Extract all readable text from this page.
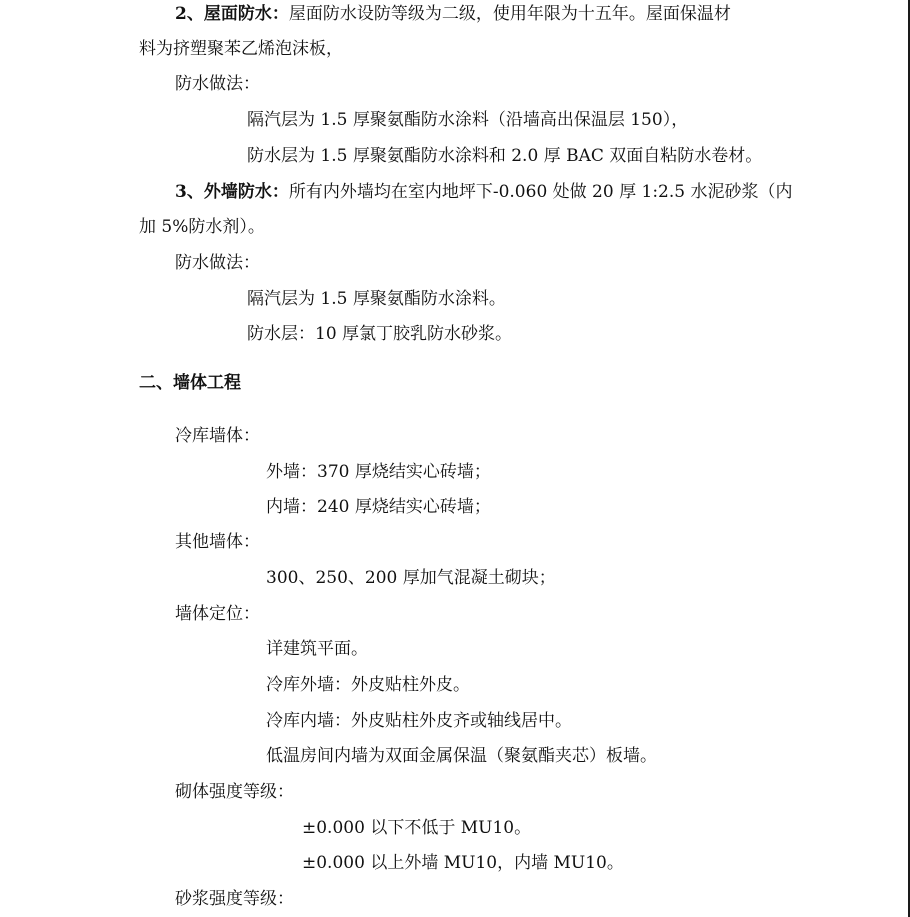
2、屋面防水：屋面防水设防等级为二级，使用年限为十五年。屋面保温材
料为挤塑聚苯乙烯泡沫板，
防水做法：
隔汽层为 1.5 厚聚氨酯防水涂料（沿墙高出保温层 150），
防水层为 1.5 厚聚氨酯防水涂料和 2.0 厚 BAC 双面自粘防水卷材。
3、外墙防水：所有内外墙均在室内地坪下-0.060 处做 20 厚 1:2.5 水泥砂浆（内
加 5%防水剂）。
防水做法：
隔汽层为 1.5 厚聚氨酯防水涂料。
防水层：10 厚氯丁胶乳防水砂浆。
二、墙体工程
冷库墙体：
外墙：370 厚烧结实心砖墙；
内墙：240 厚烧结实心砖墙；
其他墙体：
300、250、200 厚加气混凝土砌块；
墙体定位：
详建筑平面。
冷库外墙：外皮贴柱外皮。
冷库内墙：外皮贴柱外皮齐或轴线居中。
低温房间内墙为双面金属保温（聚氨酯夹芯）板墙。
砌体强度等级：
±0.000 以下不低于 MU10。
±0.000 以上外墙 MU10，内墙 MU10。
砂浆强度等级：
